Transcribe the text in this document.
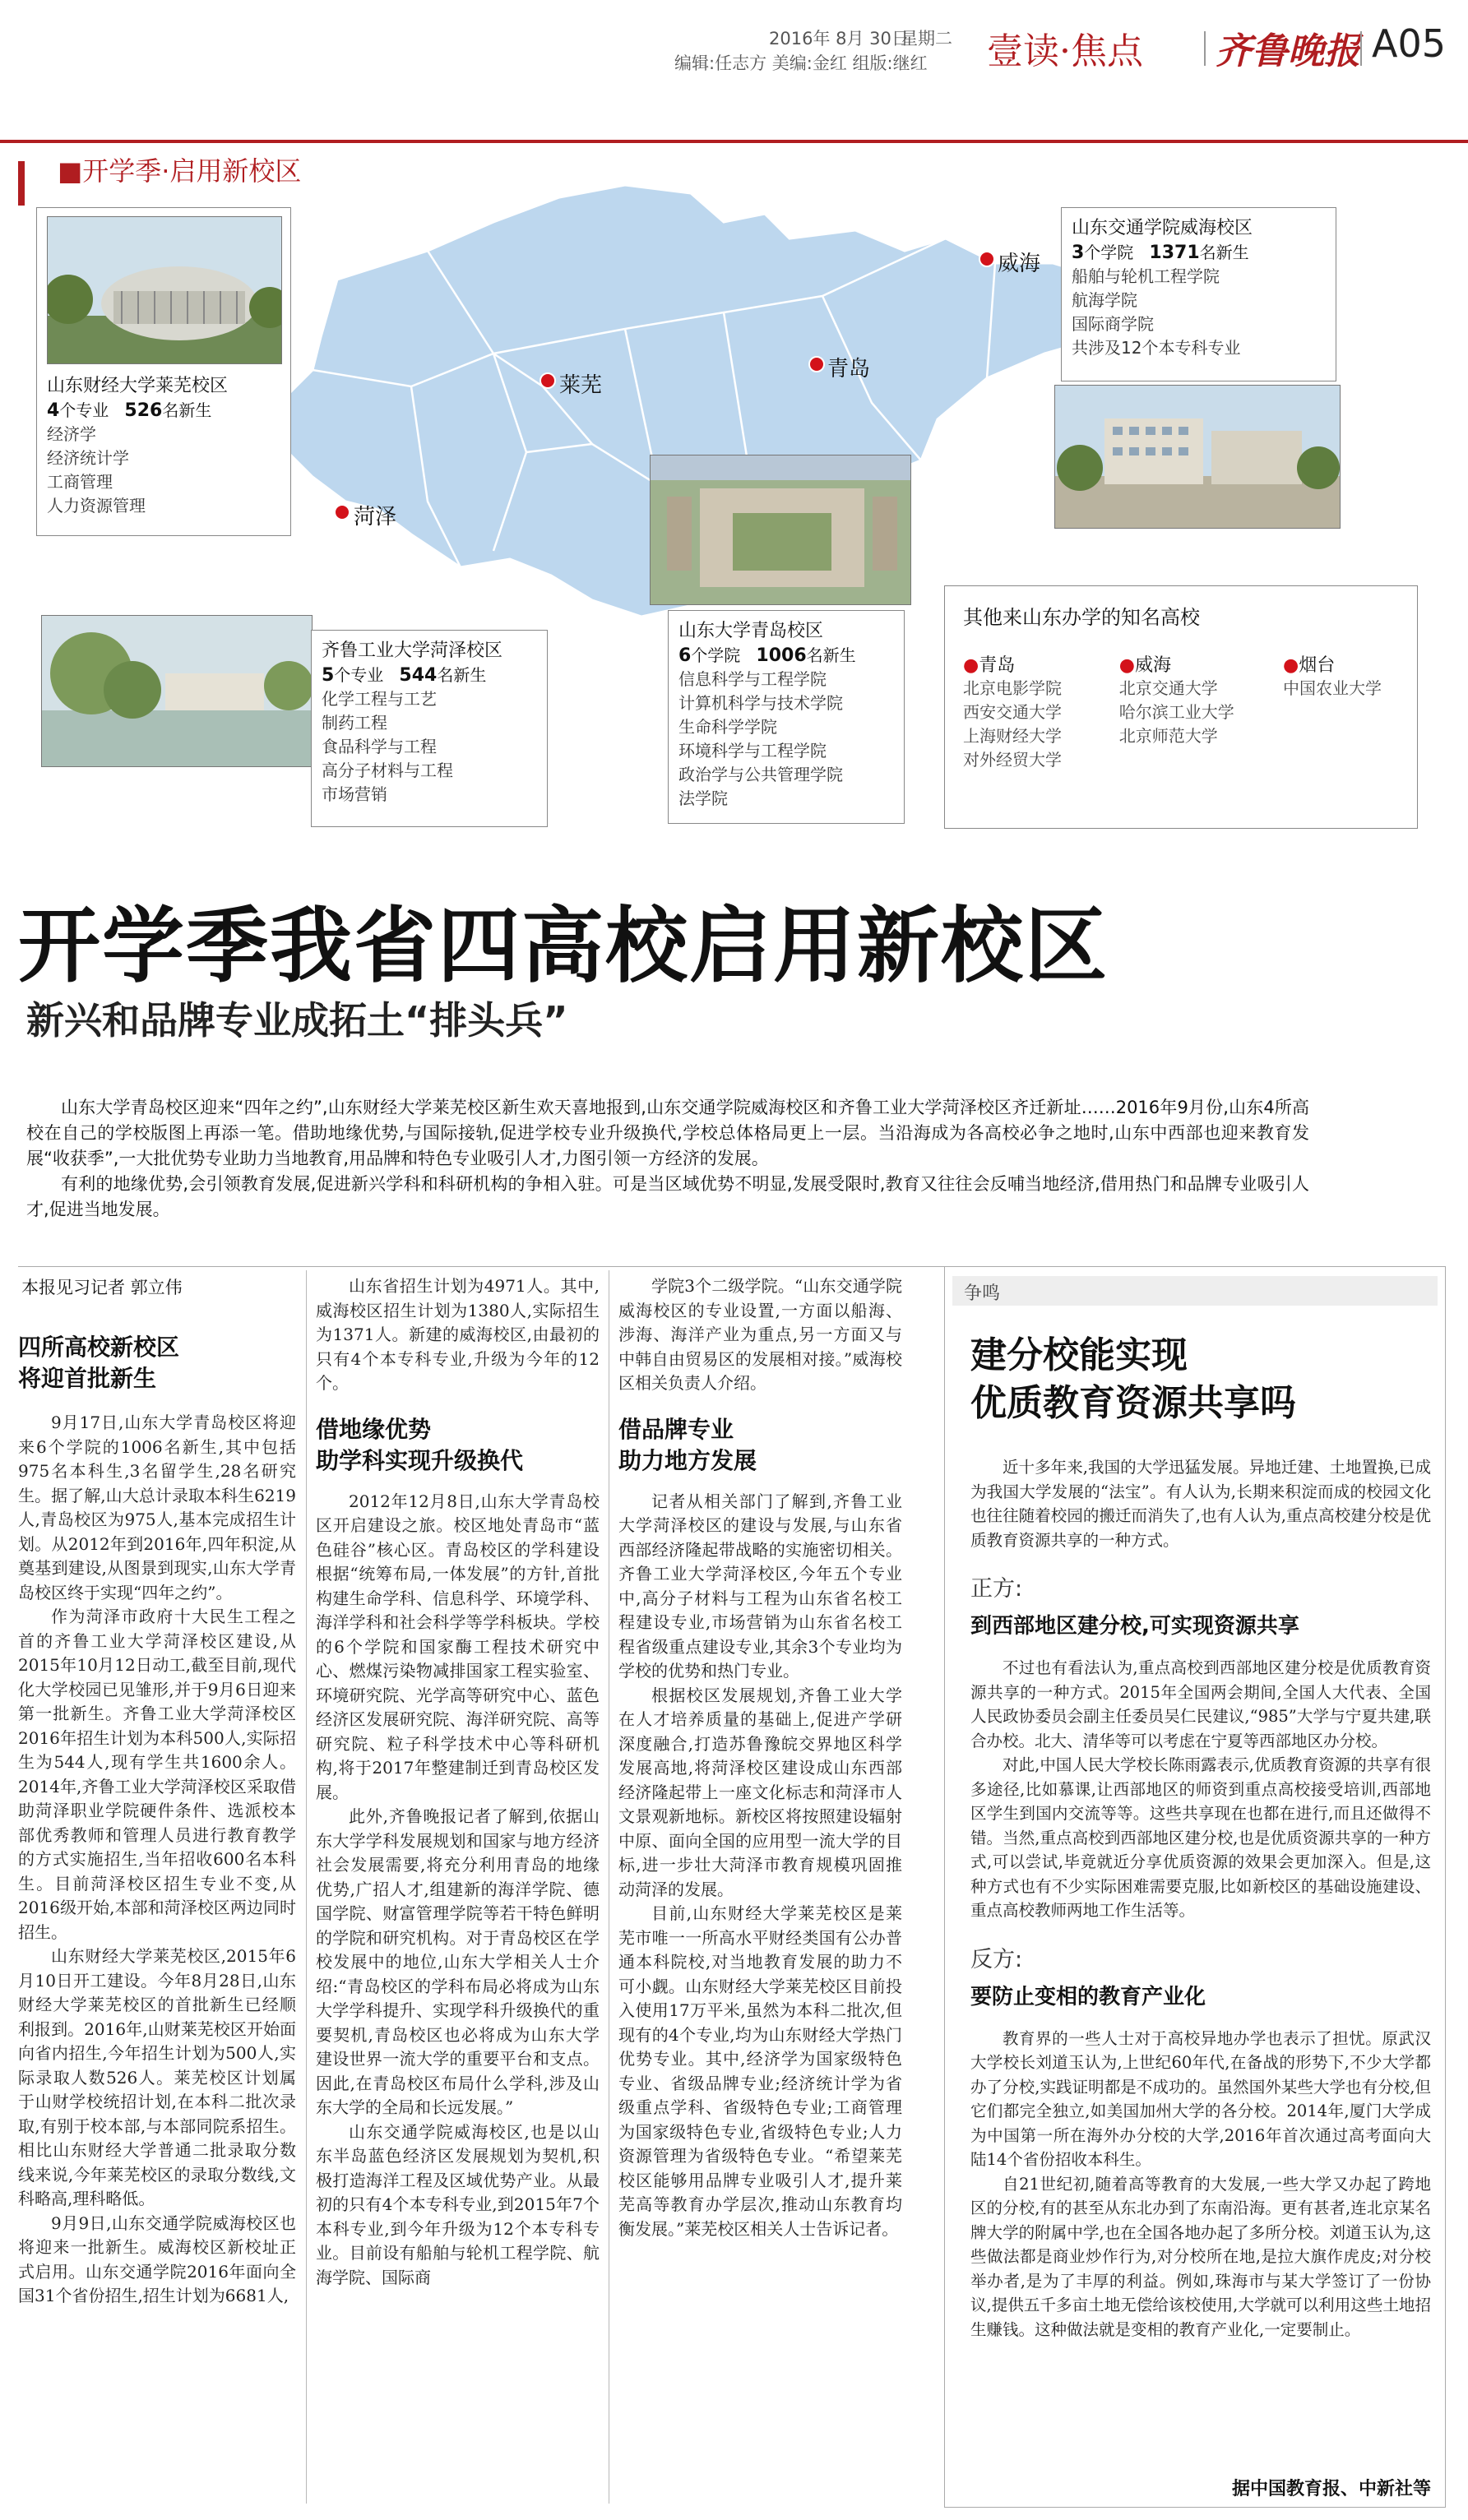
2016年 8月 30日
星期二
编辑:任志方 美编:金红 组版:继红 壹读·焦点 齐鲁晚报 A05
■开学季·启用新校区
莱芜
青岛
威海
菏泽
山东财经大学莱芜校区
4个专业 526名新生
经济学
经济统计学
工商管理
人力资源管理
山东交通学院威海校区
3个学院 1371名新生
船舶与轮机工程学院
航海学院
国际商学院
共涉及12个本专科专业
山东大学青岛校区
6个学院 1006名新生
信息科学与工程学院
计算机科学与技术学院
生命科学学院
环境科学与工程学院
政治学与公共管理学院
法学院
齐鲁工业大学菏泽校区
5个专业 544名新生
化学工程与工艺
制药工程
食品科学与工程
高分子材料与工程
市场营销
其他来山东办学的知名高校
●青岛
北京电影学院
西安交通大学
上海财经大学
对外经贸大学
●威海
北京交通大学
哈尔滨工业大学
北京师范大学
●烟台
中国农业大学
开学季我省四高校启用新校区
新兴和品牌专业成拓土“排头兵”

山东大学青岛校区迎来“四年之约”,山东财经大学莱芜校区新生欢天喜地报到,山东交通学院威海校区和齐鲁工业大学菏泽校区齐迁新址……2016年9月份,山东4所高校在自己的学校版图上再添一笔。借助地缘优势,与国际接轨,促进学校专业升级换代,学校总体格局更上一层。当沿海成为各高校必争之地时,山东中西部也迎来教育发展“收获季”,一大批优势专业助力当地教育,用品牌和特色专业吸引人才,力图引领一方经济的发展。

有利的地缘优势,会引领教育发展,促进新兴学科和科研机构的争相入驻。可是当区域优势不明显,发展受限时,教育又往往会反哺当地经济,借用热门和品牌专业吸引人才,促进当地发展。

本报见习记者 郭立伟
四所高校新校区
将迎首批新生

9月17日,山东大学青岛校区将迎来6个学院的1006名新生,其中包括975名本科生,3名留学生,28名研究生。据了解,山大总计录取本科生6219人,青岛校区为975人,基本完成招生计划。从2012年到2016年,四年积淀,从奠基到建设,从图景到现实,山东大学青岛校区终于实现“四年之约”。

作为菏泽市政府十大民生工程之首的齐鲁工业大学菏泽校区建设,从2015年10月12日动工,截至目前,现代化大学校园已见雏形,并于9月6日迎来第一批新生。齐鲁工业大学菏泽校区2016年招生计划为本科500人,实际招生为544人,现有学生共1600余人。2014年,齐鲁工业大学菏泽校区采取借助菏泽职业学院硬件条件、选派校本部优秀教师和管理人员进行教育教学的方式实施招生,当年招收600名本科生。目前菏泽校区招生专业不变,从2016级开始,本部和菏泽校区两边同时招生。

山东财经大学莱芜校区,2015年6月10日开工建设。今年8月28日,山东财经大学莱芜校区的首批新生已经顺利报到。2016年,山财莱芜校区开始面向省内招生,今年招生计划为500人,实际录取人数526人。莱芜校区计划属于山财学校统招计划,在本科二批次录取,有别于校本部,与本部同院系招生。相比山东财经大学普通二批录取分数线来说,今年莱芜校区的录取分数线,文科略高,理科略低。

9月9日,山东交通学院威海校区也将迎来一批新生。威海校区新校址正式启用。山东交通学院2016年面向全国31个省份招生,招生计划为6681人,

山东省招生计划为4971人。其中,威海校区招生计划为1380人,实际招生为1371人。新建的威海校区,由最初的只有4个本专科专业,升级为今年的12个。

借地缘优势
助学科实现升级换代

2012年12月8日,山东大学青岛校区开启建设之旅。校区地处青岛市“蓝色硅谷”核心区。青岛校区的学科建设根据“统筹布局,一体发展”的方针,首批构建生命学科、信息科学、环境学科、海洋学科和社会科学等学科板块。学校的6个学院和国家酶工程技术研究中心、燃煤污染物减排国家工程实验室、环境研究院、光学高等研究中心、蓝色经济区发展研究院、海洋研究院、高等研究院、粒子科学技术中心等科研机构,将于2017年整建制迁到青岛校区发展。

此外,齐鲁晚报记者了解到,依据山东大学学科发展规划和国家与地方经济社会发展需要,将充分利用青岛的地缘优势,广招人才,组建新的海洋学院、德国学院、财富管理学院等若干特色鲜明的学院和研究机构。对于青岛校区在学校发展中的地位,山东大学相关人士介绍:“青岛校区的学科布局必将成为山东大学学科提升、实现学科升级换代的重要契机,青岛校区也必将成为山东大学建设世界一流大学的重要平台和支点。因此,在青岛校区布局什么学科,涉及山东大学的全局和长远发展。”

山东交通学院威海校区,也是以山东半岛蓝色经济区发展规划为契机,积极打造海洋工程及区域优势产业。从最初的只有4个本专科专业,到2015年7个本科专业,到今年升级为12个本专科专业。目前设有船舶与轮机工程学院、航海学院、国际商

学院3个二级学院。“山东交通学院威海校区的专业设置,一方面以船海、涉海、海洋产业为重点,另一方面又与中韩自由贸易区的发展相对接。”威海校区相关负责人介绍。

借品牌专业
助力地方发展

记者从相关部门了解到,齐鲁工业大学菏泽校区的建设与发展,与山东省西部经济隆起带战略的实施密切相关。齐鲁工业大学菏泽校区,今年五个专业中,高分子材料与工程为山东省名校工程建设专业,市场营销为山东省名校工程省级重点建设专业,其余3个专业均为学校的优势和热门专业。

根据校区发展规划,齐鲁工业大学在人才培养质量的基础上,促进产学研深度融合,打造苏鲁豫皖交界地区科学发展高地,将菏泽校区建设成山东西部经济隆起带上一座文化标志和菏泽市人文景观新地标。新校区将按照建设辐射中原、面向全国的应用型一流大学的目标,进一步壮大菏泽市教育规模巩固推动菏泽的发展。

目前,山东财经大学莱芜校区是莱芜市唯一一所高水平财经类国有公办普通本科院校,对当地教育发展的助力不可小觑。山东财经大学莱芜校区目前投入使用17万平米,虽然为本科二批次,但现有的4个专业,均为山东财经大学热门优势专业。其中,经济学为国家级特色专业、省级品牌专业;经济统计学为省级重点学科、省级特色专业;工商管理为国家级特色专业,省级特色专业;人力资源管理为省级特色专业。“希望莱芜校区能够用品牌专业吸引人才,提升莱芜高等教育办学层次,推动山东教育均衡发展。”莱芜校区相关人士告诉记者。

争鸣
建分校能实现
优质教育资源共享吗

近十多年来,我国的大学迅猛发展。异地迁建、土地置换,已成为我国大学发展的“法宝”。有人认为,长期来积淀而成的校园文化也往往随着校园的搬迁而消失了,也有人认为,重点高校建分校是优质教育资源共享的一种方式。

正方:
到西部地区建分校,可实现资源共享

不过也有看法认为,重点高校到西部地区建分校是优质教育资源共享的一种方式。2015年全国两会期间,全国人大代表、全国人民政协委员会副主任委员吴仁民建议,“985”大学与宁夏共建,联合办校。北大、清华等可以考虑在宁夏等西部地区办分校。

对此,中国人民大学校长陈雨露表示,优质教育资源的共享有很多途径,比如慕课,让西部地区的师资到重点高校接受培训,西部地区学生到国内交流等等。这些共享现在也都在进行,而且还做得不错。当然,重点高校到西部地区建分校,也是优质资源共享的一种方式,可以尝试,毕竟就近分享优质资源的效果会更加深入。但是,这种方式也有不少实际困难需要克服,比如新校区的基础设施建设、重点高校教师两地工作生活等。

反方:
要防止变相的教育产业化

教育界的一些人士对于高校异地办学也表示了担忧。原武汉大学校长刘道玉认为,上世纪60年代,在备战的形势下,不少大学都办了分校,实践证明都是不成功的。虽然国外某些大学也有分校,但它们都完全独立,如美国加州大学的各分校。2014年,厦门大学成为中国第一所在海外办分校的大学,2016年首次通过高考面向大陆14个省份招收本科生。

自21世纪初,随着高等教育的大发展,一些大学又办起了跨地区的分校,有的甚至从东北办到了东南沿海。更有甚者,连北京某名牌大学的附属中学,也在全国各地办起了多所分校。刘道玉认为,这些做法都是商业炒作行为,对分校所在地,是拉大旗作虎皮;对分校举办者,是为了丰厚的利益。例如,珠海市与某大学签订了一份协议,提供五千多亩土地无偿给该校使用,大学就可以利用这些土地招生赚钱。这种做法就是变相的教育产业化,一定要制止。

据中国教育报、中新社等
